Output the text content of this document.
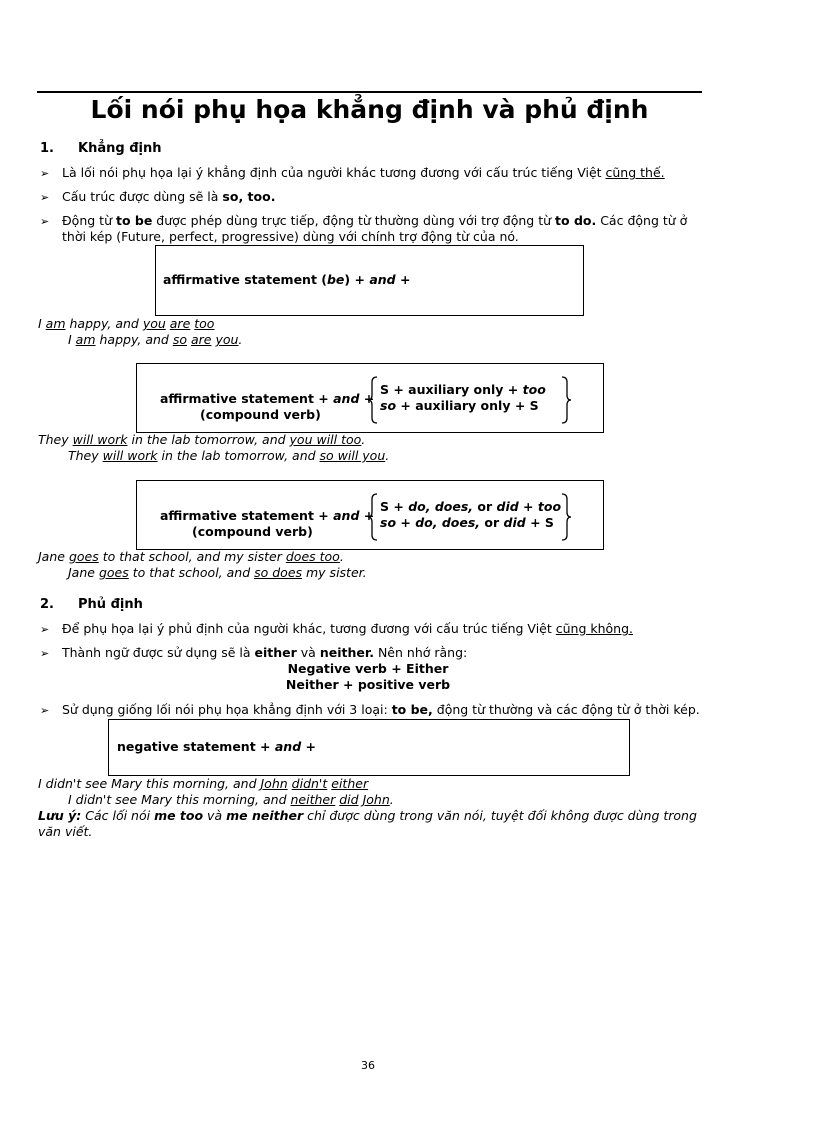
Lối nói phụ họa khẳng định và phủ định
1. Khẳng định
➢ Là lối nói phụ họa lại ý khẳng định của người khác tương đương với cấu trúc tiếng Việt cũng thế.
➢ Cấu trúc được dùng sẽ là so, too.
➢ Động từ to be được phép dùng trực tiếp, động từ thường dùng với trợ động từ to do. Các động từ ở
thời kép (Future, perfect, progressive) dùng với chính trợ động từ của nó.
affirmative statement (be) + and +
I am happy, and you are too
I am happy, and so are you.
affirmative statement + and +
(compound verb)
S + auxiliary only + too
so + auxiliary only + S
They will work in the lab tomorrow, and you will too.
They will work in the lab tomorrow, and so will you.
affirmative statement + and +
(compound verb)
S + do, does, or did + too
so + do, does, or did + S
Jane goes to that school, and my sister does too.
Jane goes to that school, and so does my sister.
2. Phủ định
➢ Để phụ họa lại ý phủ định của người khác, tương đương với cấu trúc tiếng Việt cũng không.
➢ Thành ngữ được sử dụng sẽ là either và neither. Nên nhớ rằng:
Negative verb + Either
Neither + positive verb
➢ Sử dụng giống lối nói phụ họa khẳng định với 3 loại: to be, động từ thường và các động từ ở thời kép.
negative statement + and +
I didn't see Mary this morning, and John didn't either
I didn't see Mary this morning, and neither did John.
Lưu ý: Các lối nói me too và me neither chỉ được dùng trong văn nói, tuyệt đối không được dùng trong
văn viết.
36
